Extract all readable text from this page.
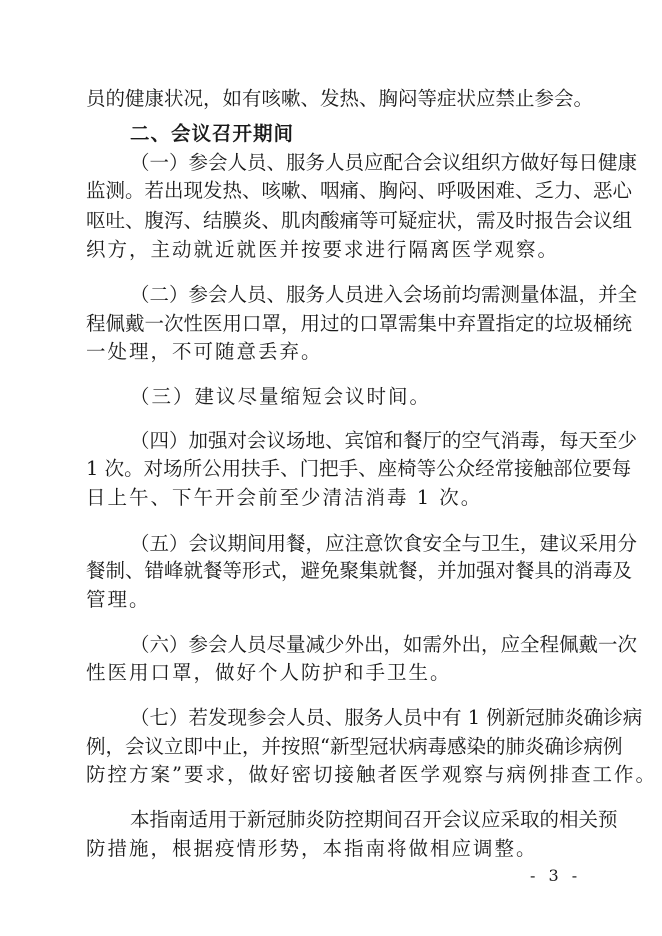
员的健康状况，如有咳嗽、发热、胸闷等症状应禁止参会。
二、会议召开期间
（一）参会人员、服务人员应配合会议组织方做好每日健康
监测。若出现发热、咳嗽、咽痛、胸闷、呼吸困难、乏力、恶心
呕吐、腹泻、结膜炎、肌肉酸痛等可疑症状，需及时报告会议组
织方，主动就近就医并按要求进行隔离医学观察。
（二）参会人员、服务人员进入会场前均需测量体温，并全
程佩戴一次性医用口罩，用过的口罩需集中弃置指定的垃圾桶统
一处理，不可随意丢弃。
（三）建议尽量缩短会议时间。
（四）加强对会议场地、宾馆和餐厅的空气消毒，每天至少
1 次。对场所公用扶手、门把手、座椅等公众经常接触部位要每
日上午、下午开会前至少清洁消毒 1 次。
（五）会议期间用餐，应注意饮食安全与卫生，建议采用分
餐制、错峰就餐等形式，避免聚集就餐，并加强对餐具的消毒及
管理。
（六）参会人员尽量减少外出，如需外出，应全程佩戴一次
性医用口罩，做好个人防护和手卫生。
（七）若发现参会人员、服务人员中有 1 例新冠肺炎确诊病
例，会议立即中止，并按照“新型冠状病毒感染的肺炎确诊病例
防控方案”要求，做好密切接触者医学观察与病例排查工作。
本指南适用于新冠肺炎防控期间召开会议应采取的相关预
防措施，根据疫情形势，本指南将做相应调整。
- 3 -
